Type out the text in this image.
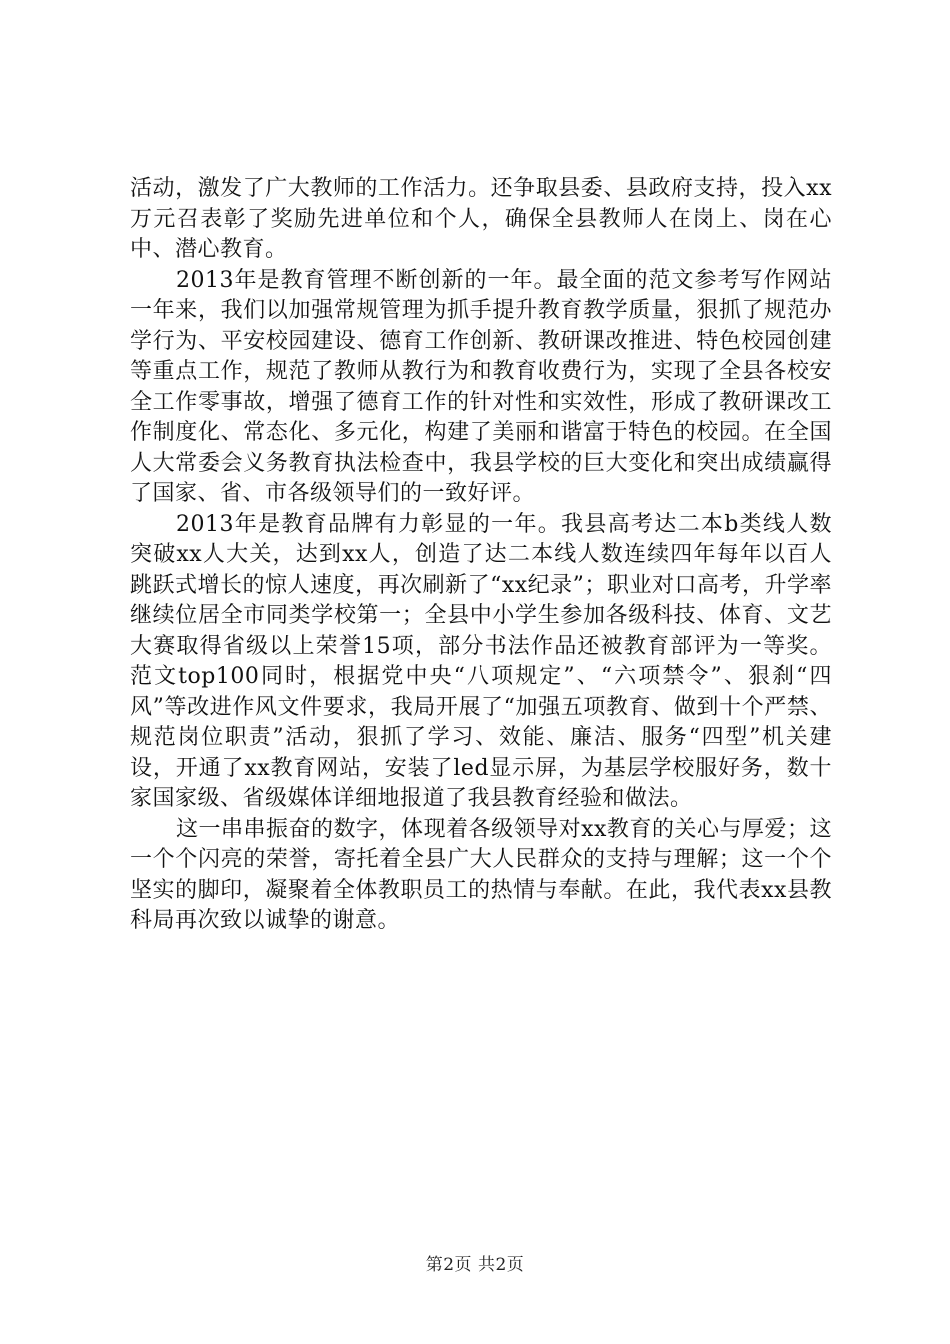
活动，激发了广大教师的工作活力。还争取县委、县政府支持，投入xx万元召表彰了奖励先进单位和个人，确保全县教师人在岗上、岗在心中、潜心教育。

2013年是教育管理不断创新的一年。最全面的范文参考写作网站一年来，我们以加强常规管理为抓手提升教育教学质量，狠抓了规范办学行为、平安校园建设、德育工作创新、教研课改推进、特色校园创建等重点工作，规范了教师从教行为和教育收费行为，实现了全县各校安全工作零事故，增强了德育工作的针对性和实效性，形成了教研课改工作制度化、常态化、多元化，构建了美丽和谐富于特色的校园。在全国人大常委会义务教育执法检查中，我县学校的巨大变化和突出成绩赢得了国家、省、市各级领导们的一致好评。

2013年是教育品牌有力彰显的一年。我县高考达二本b类线人数突破xx人大关，达到xx人，创造了达二本线人数连续四年每年以百人跳跃式增长的惊人速度，再次刷新了“xx纪录”；职业对口高考，升学率继续位居全市同类学校第一；全县中小学生参加各级科技、体育、文艺大赛取得省级以上荣誉15项，部分书法作品还被教育部评为一等奖。范文top100同时，根据党中央“八项规定”、“六项禁令”、狠刹“四风”等改进作风文件要求，我局开展了“加强五项教育、做到十个严禁、规范岗位职责”活动，狠抓了学习、效能、廉洁、服务“四型”机关建设，开通了xx教育网站，安装了led显示屏，为基层学校服好务，数十家国家级、省级媒体详细地报道了我县教育经验和做法。

这一串串振奋的数字，体现着各级领导对xx教育的关心与厚爱；这一个个闪亮的荣誉，寄托着全县广大人民群众的支持与理解；这一个个坚实的脚印，凝聚着全体教职员工的热情与奉献。在此，我代表xx县教科局再次致以诚挚的谢意。

第2页 共2页
